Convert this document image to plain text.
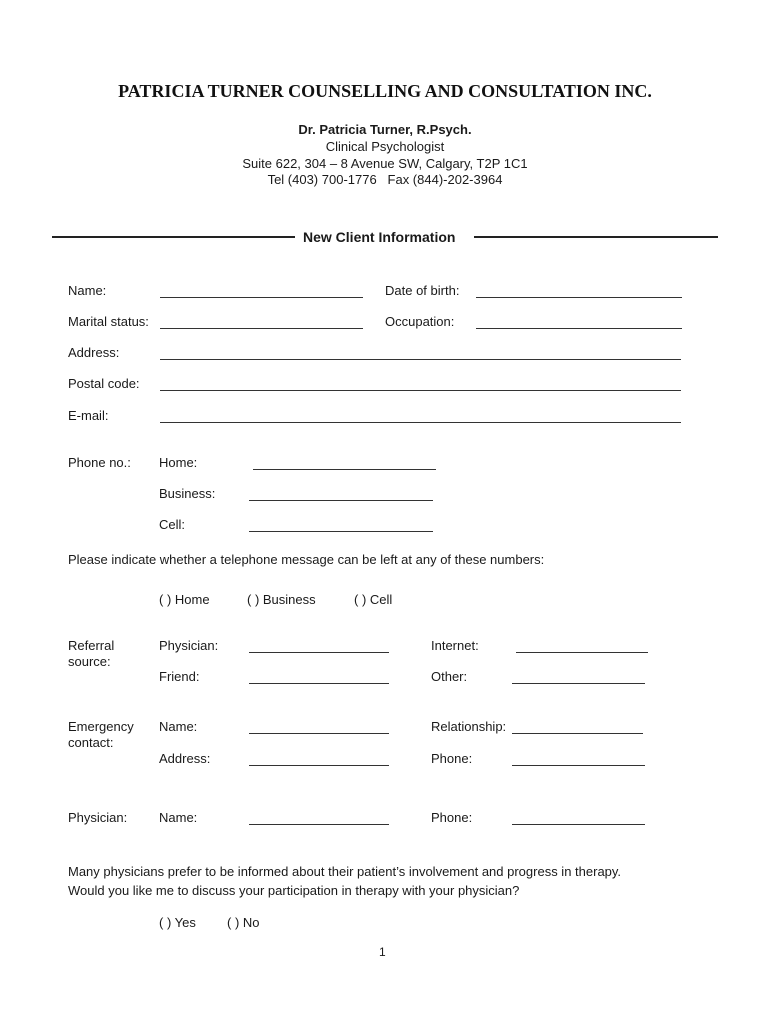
PATRICIA TURNER COUNSELLING AND CONSULTATION INC.
Dr. Patricia Turner, R.Psych.
Clinical Psychologist
Suite 622, 304 – 8 Avenue SW, Calgary, T2P 1C1
Tel (403) 700-1776   Fax (844)-202-3964
New Client Information
Name:	Date of birth:
Marital status:	Occupation:
Address:
Postal code:
E-mail:
Phone no.: Home:
Business:
Cell:
Please indicate whether a telephone message can be left at any of these numbers:
( ) Home	( ) Business	( ) Cell
Referral
source:
Physician:	Internet:
Friend:	Other:
Emergency
contact:
Name:	Relationship:
Address:	Phone:
Physician: Name:	Phone:
Many physicians prefer to be informed about their patient’s involvement and progress in therapy.
Would you like me to discuss your participation in therapy with your physician?
( ) Yes ( ) No
1
